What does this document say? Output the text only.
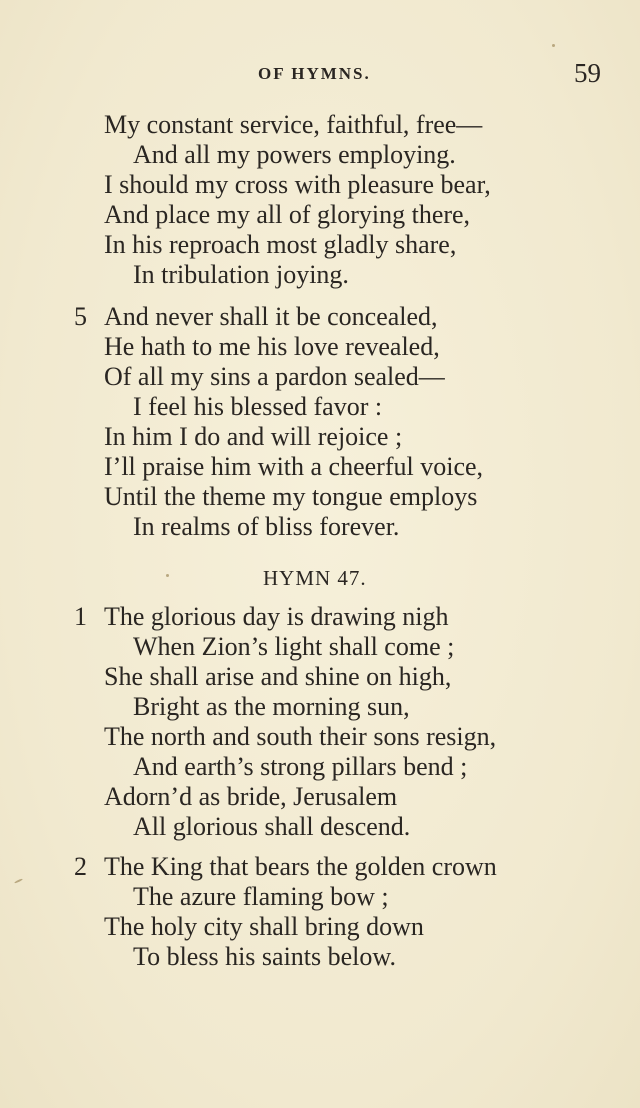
OF HYMNS.	59
My constant service, faithful, free—
And all my powers employing.
I should my cross with pleasure bear,
And place my all of glorying there,
In his reproach most gladly share,
In tribulation joying.
5 And never shall it be concealed,
He hath to me his love revealed,
Of all my sins a pardon sealed—
I feel his blessed favor :
In him I do and will rejoice ;
I’ll praise him with a cheerful voice,
Until the theme my tongue employs
In realms of bliss forever.
HYMN 47.
1 The glorious day is drawing nigh
When Zion’s light shall come ;
She shall arise and shine on high,
Bright as the morning sun,
The north and south their sons resign,
And earth’s strong pillars bend ;
Adorn’d as bride, Jerusalem
All glorious shall descend.
2 The King that bears the golden crown
The azure flaming bow ;
The holy city shall bring down
To bless his saints below.
